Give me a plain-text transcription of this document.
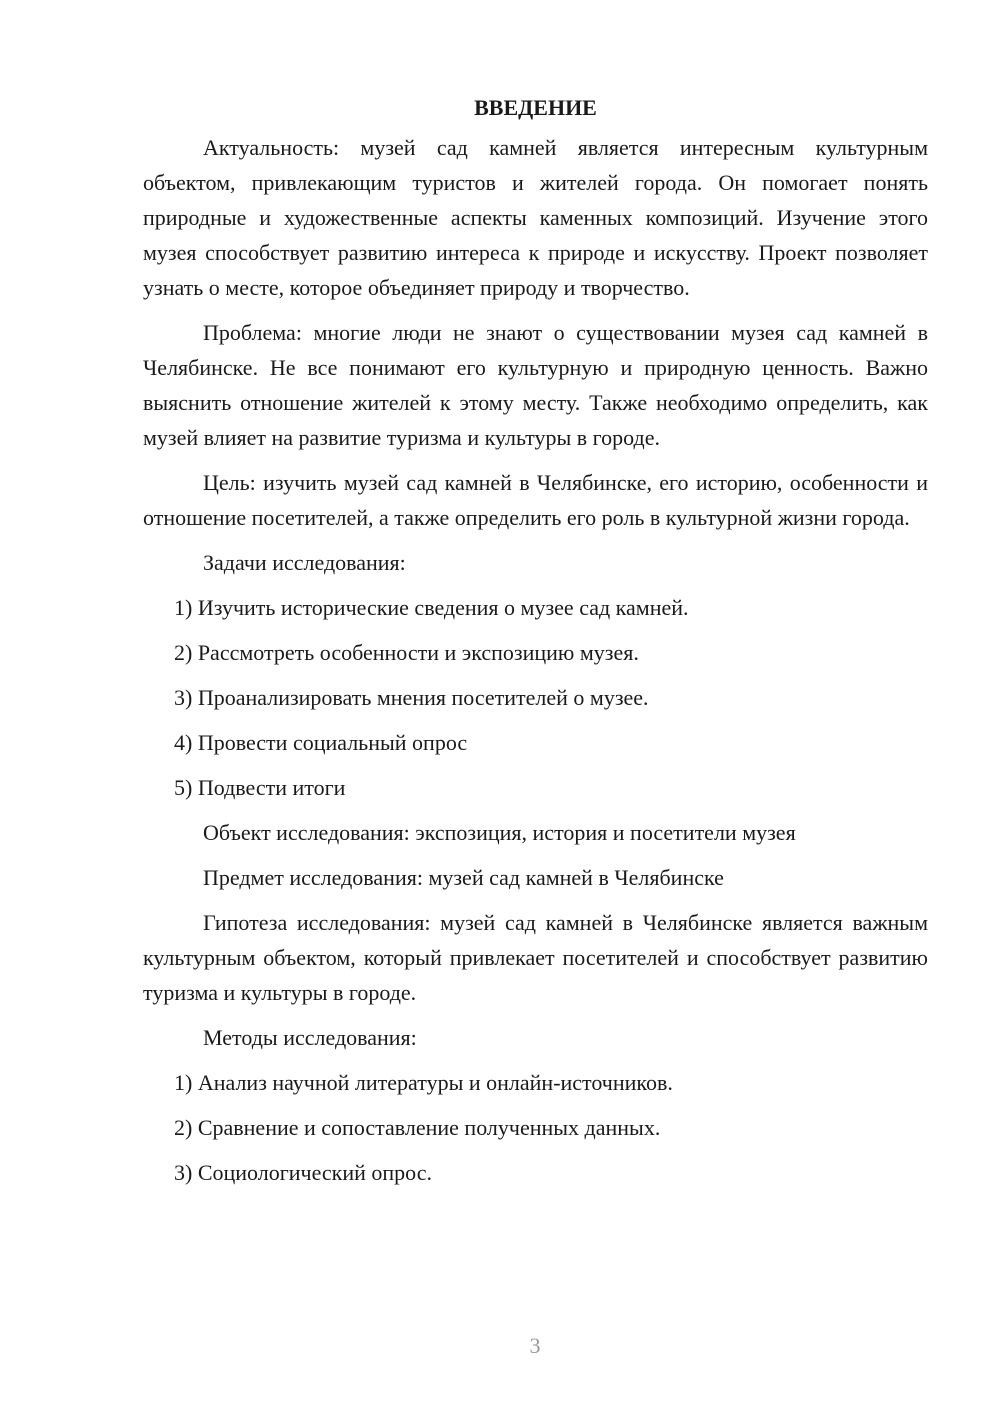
ВВЕДЕНИЕ

Актуальность: музей сад камней является интересным культурным объектом, привлекающим туристов и жителей города. Он помогает понять природные и художественные аспекты каменных композиций. Изучение этого музея способствует развитию интереса к природе и искусству. Проект позволяет узнать о месте, которое объединяет природу и творчество.

Проблема: многие люди не знают о существовании музея сад камней в Челябинске. Не все понимают его культурную и природную ценность. Важно выяснить отношение жителей к этому месту. Также необходимо определить, как музей влияет на развитие туризма и культуры в городе.

Цель: изучить музей сад камней в Челябинске, его историю, особенности и отношение посетителей, а также определить его роль в культурной жизни города.

Задачи исследования:
1) Изучить исторические сведения о музее сад камней.
2) Рассмотреть особенности и экспозицию музея.
3) Проанализировать мнения посетителей о музее.
4) Провести социальный опрос
5) Подвести итоги
Объект исследования: экспозиция, история и посетители музея
Предмет исследования: музей сад камней в Челябинске

Гипотеза исследования: музей сад камней в Челябинске является важным культурным объектом, который привлекает посетителей и способствует развитию туризма и культуры в городе.

Методы исследования:
1) Анализ научной литературы и онлайн-источников.
2) Сравнение и сопоставление полученных данных.
3) Социологический опрос.
3
